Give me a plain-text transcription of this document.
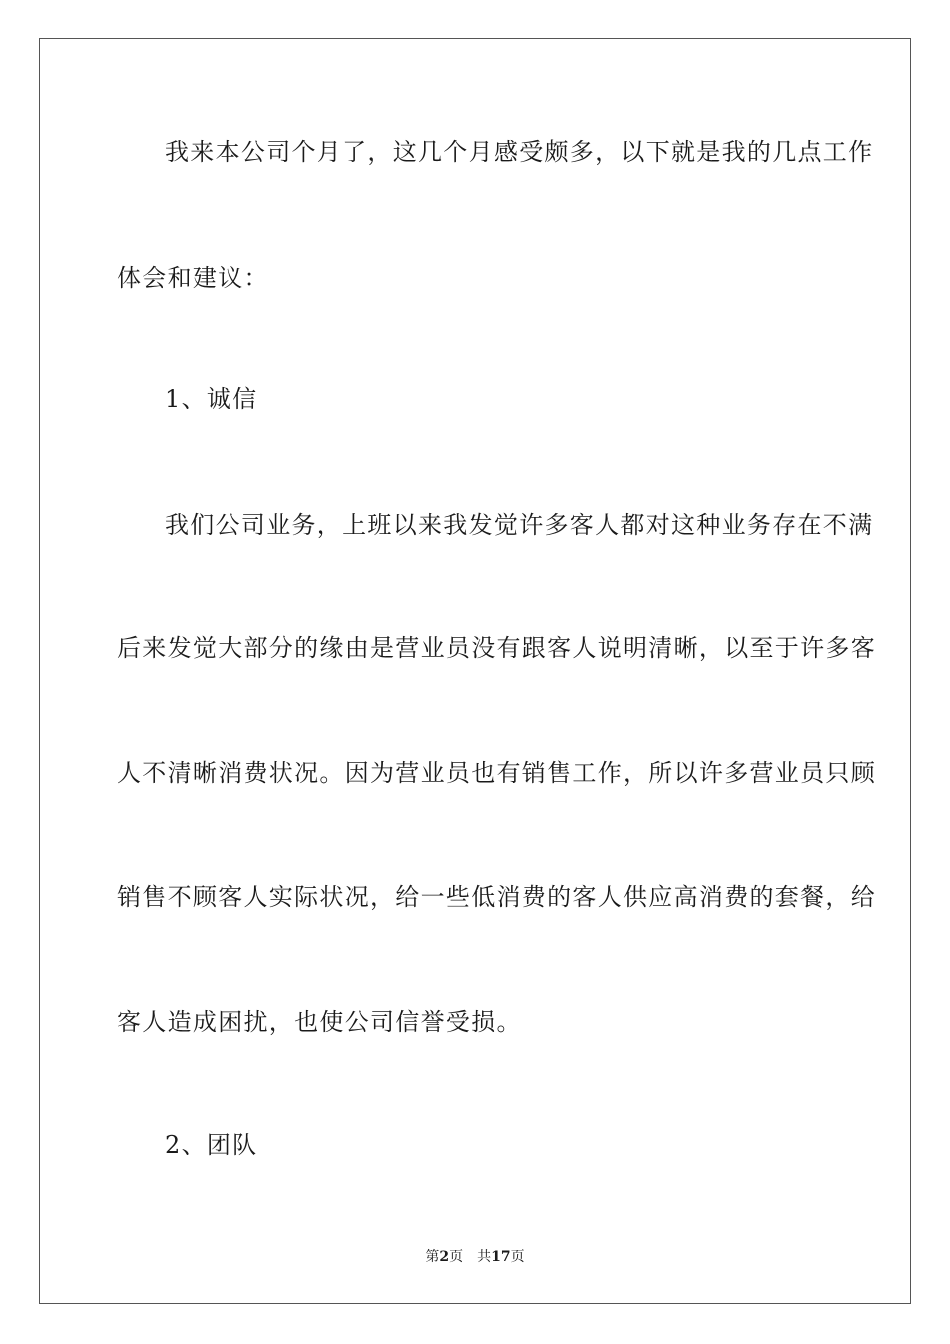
我来本公司个月了，这几个月感受颇多，以下就是我的几点工作
体会和建议：
1、诚信
我们公司业务，上班以来我发觉许多客人都对这种业务存在不满
后来发觉大部分的缘由是营业员没有跟客人说明清晰，以至于许多客
人不清晰消费状况。因为营业员也有销售工作，所以许多营业员只顾
销售不顾客人实际状况，给一些低消费的客人供应高消费的套餐，给
客人造成困扰，也使公司信誉受损。
2、团队
第2页 共17页
